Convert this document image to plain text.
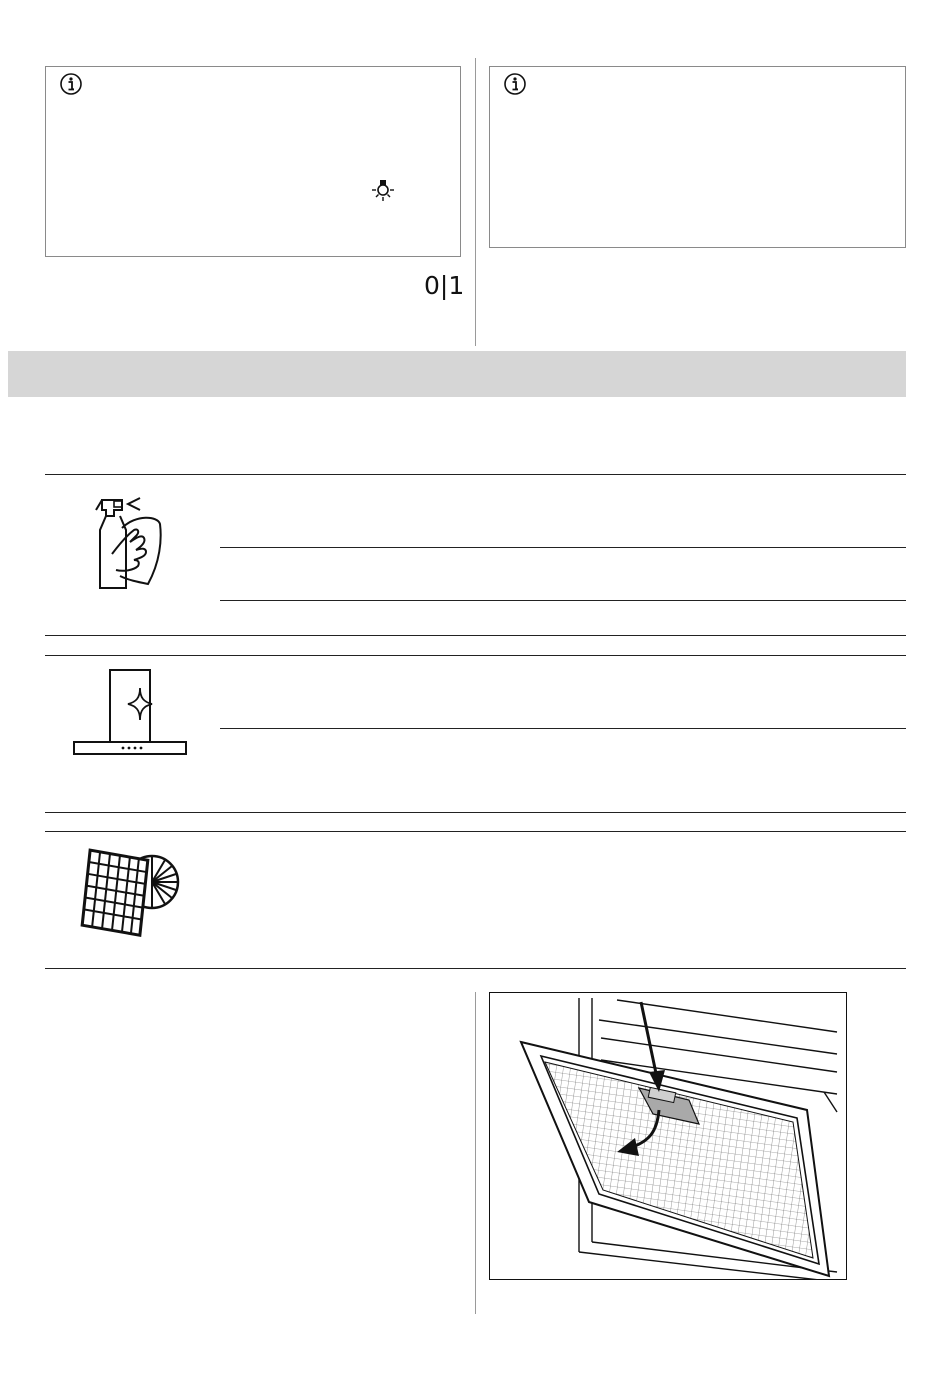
0|1
